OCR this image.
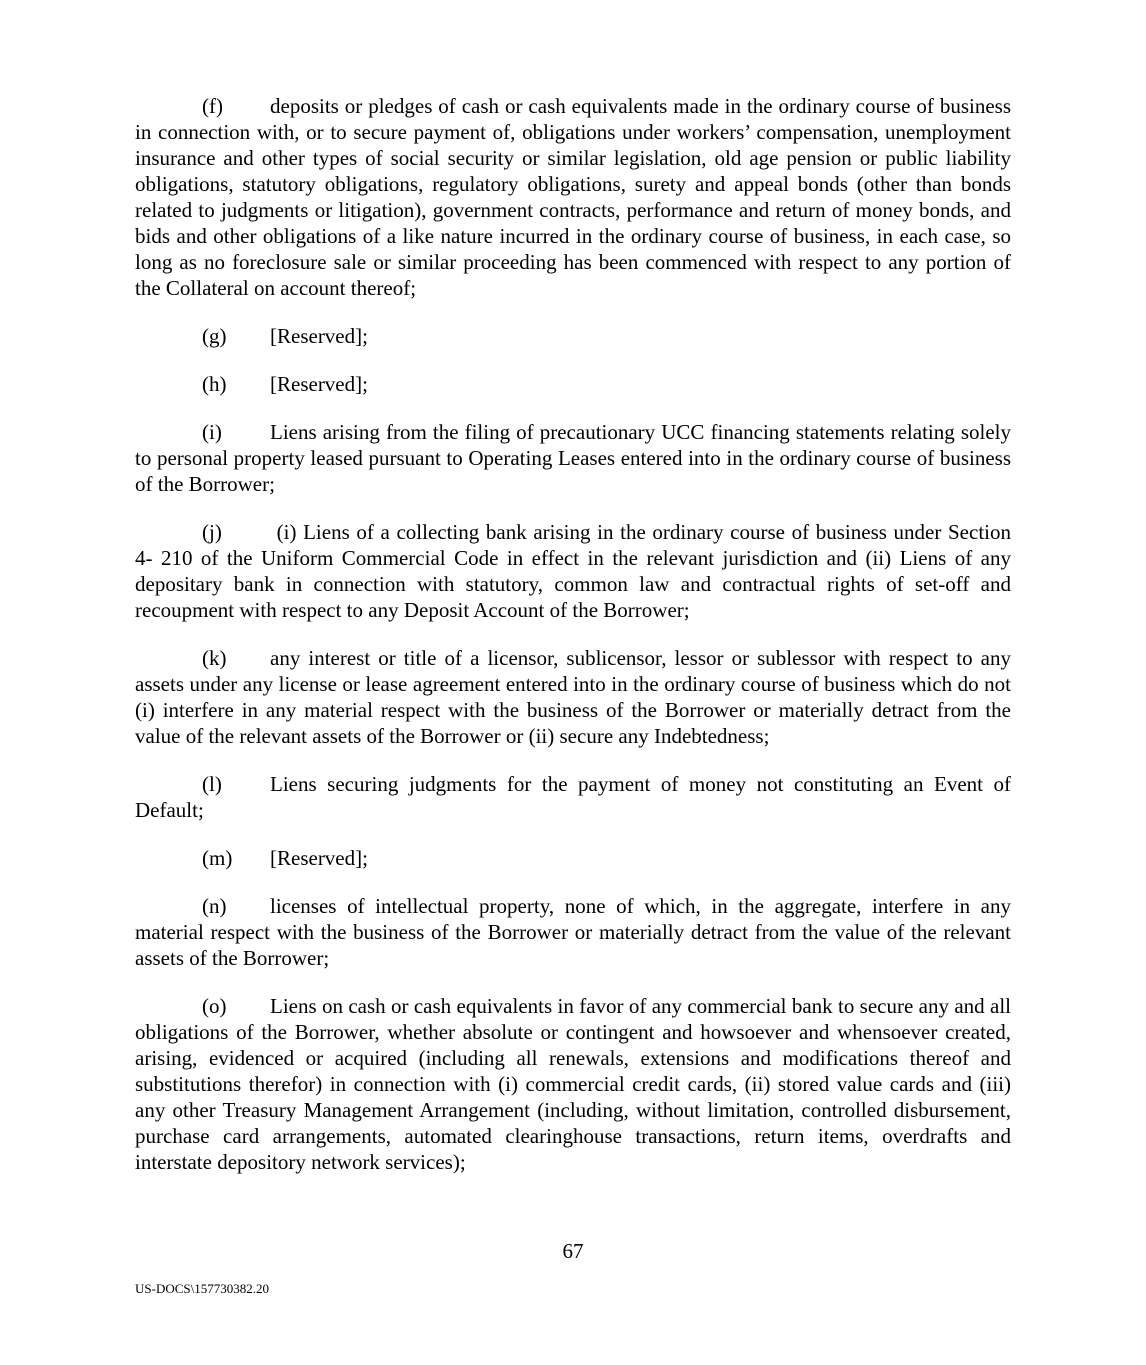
(f) deposits or pledges of cash or cash equivalents made in the ordinary course of business in connection with, or to secure payment of, obligations under workers’ compensation, unemployment insurance and other types of social security or similar legislation, old age pension or public liability obligations, statutory obligations, regulatory obligations, surety and appeal bonds (other than bonds related to judgments or litigation), government contracts, performance and return of money bonds, and bids and other obligations of a like nature incurred in the ordinary course of business, in each case, so long as no foreclosure sale or similar proceeding has been commenced with respect to any portion of the Collateral on account thereof;

(g) [Reserved];

(h) [Reserved];

(i) Liens arising from the filing of precautionary UCC financing statements relating solely to personal property leased pursuant to Operating Leases entered into in the ordinary course of business of the Borrower;

(j) (i) Liens of a collecting bank arising in the ordinary course of business under Section 4- 210 of the Uniform Commercial Code in effect in the relevant jurisdiction and (ii) Liens of any depositary bank in connection with statutory, common law and contractual rights of set-off and recoupment with respect to any Deposit Account of the Borrower;

(k) any interest or title of a licensor, sublicensor, lessor or sublessor with respect to any assets under any license or lease agreement entered into in the ordinary course of business which do not (i) interfere in any material respect with the business of the Borrower or materially detract from the value of the relevant assets of the Borrower or (ii) secure any Indebtedness;

(l) Liens securing judgments for the payment of money not constituting an Event of Default;

(m) [Reserved];

(n) licenses of intellectual property, none of which, in the aggregate, interfere in any material respect with the business of the Borrower or materially detract from the value of the relevant assets of the Borrower;

(o) Liens on cash or cash equivalents in favor of any commercial bank to secure any and all obligations of the Borrower, whether absolute or contingent and howsoever and whensoever created, arising, evidenced or acquired (including all renewals, extensions and modifications thereof and substitutions therefor) in connection with (i) commercial credit cards, (ii) stored value cards and (iii) any other Treasury Management Arrangement (including, without limitation, controlled disbursement, purchase card arrangements, automated clearinghouse transactions, return items, overdrafts and interstate depository network services);

67
US-DOCS\157730382.20
